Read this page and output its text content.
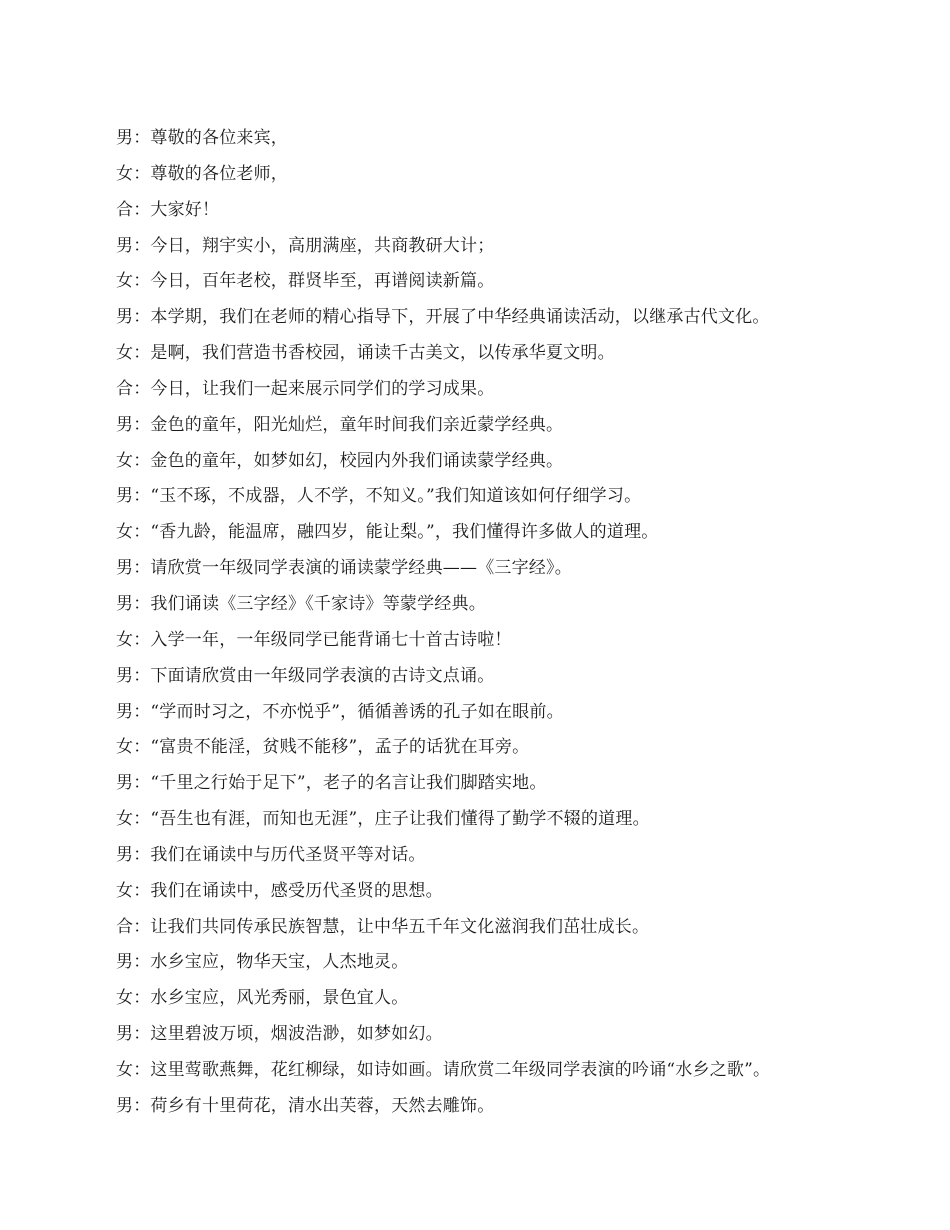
男：尊敬的各位来宾，
女：尊敬的各位老师，
合：大家好！
男：今日，翔宇实小，高朋满座，共商教研大计；
女：今日，百年老校，群贤毕至，再谱阅读新篇。
男：本学期，我们在老师的精心指导下，开展了中华经典诵读活动，以继承古代文化。
女：是啊，我们营造书香校园，诵读千古美文，以传承华夏文明。
合：今日，让我们一起来展示同学们的学习成果。
男：金色的童年，阳光灿烂，童年时间我们亲近蒙学经典。
女：金色的童年，如梦如幻，校园内外我们诵读蒙学经典。
男：“玉不琢，不成器，人不学，不知义。”我们知道该如何仔细学习。
女：“香九龄，能温席，融四岁，能让梨。”，我们懂得许多做人的道理。
男：请欣赏一年级同学表演的诵读蒙学经典——《三字经》。
男：我们诵读《三字经》《千家诗》等蒙学经典。
女：入学一年，一年级同学已能背诵七十首古诗啦！
男：下面请欣赏由一年级同学表演的古诗文点诵。
男：“学而时习之，不亦悦乎”，循循善诱的孔子如在眼前。
女：“富贵不能淫，贫贱不能移”，孟子的话犹在耳旁。
男：“千里之行始于足下”，老子的名言让我们脚踏实地。
女：“吾生也有涯，而知也无涯”，庄子让我们懂得了勤学不辍的道理。
男：我们在诵读中与历代圣贤平等对话。
女：我们在诵读中，感受历代圣贤的思想。
合：让我们共同传承民族智慧，让中华五千年文化滋润我们茁壮成长。
男：水乡宝应，物华天宝，人杰地灵。
女：水乡宝应，风光秀丽，景色宜人。
男：这里碧波万顷，烟波浩渺，如梦如幻。
女：这里莺歌燕舞，花红柳绿，如诗如画。请欣赏二年级同学表演的吟诵“水乡之歌”。
男：荷乡有十里荷花，清水出芙蓉，天然去雕饰。
